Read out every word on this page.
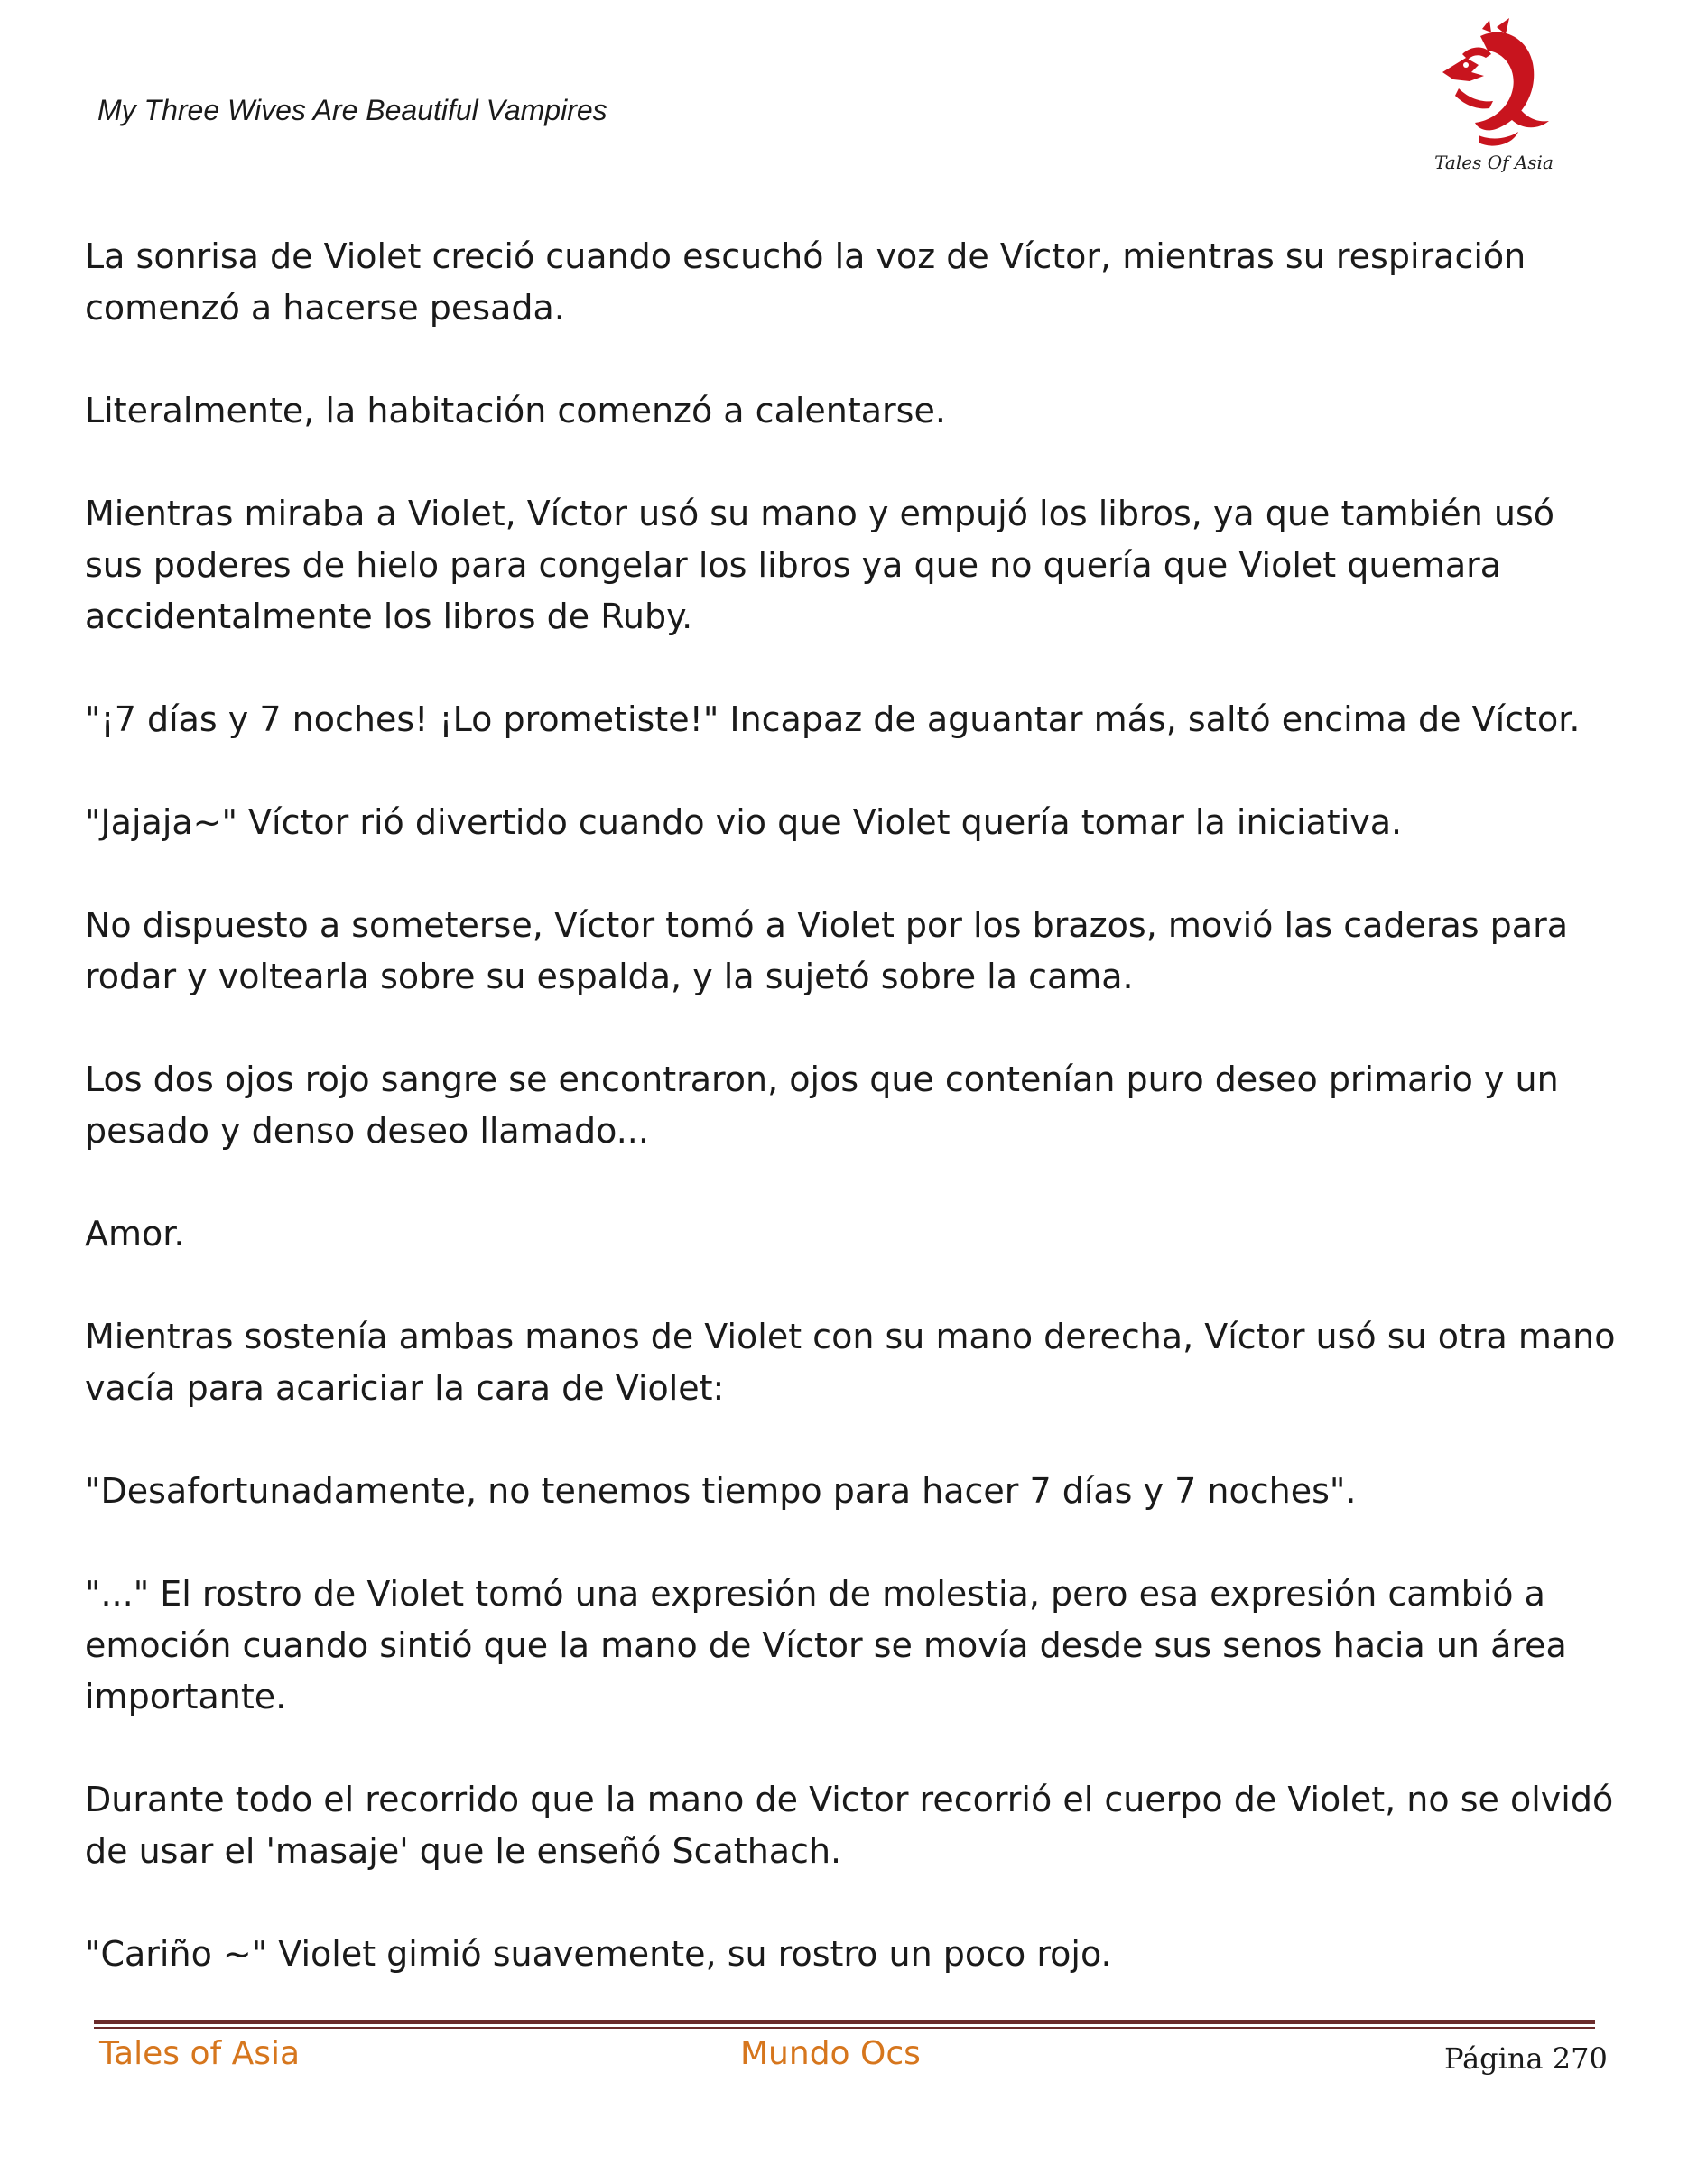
My Three Wives Are Beautiful Vampires
Tales Of Asia

La sonrisa de Violet creció cuando escuchó la voz de Víctor, mientras su respiración comenzó a hacerse pesada.

Literalmente, la habitación comenzó a calentarse.

Mientras miraba a Violet, Víctor usó su mano y empujó los libros, ya que también usó sus poderes de hielo para congelar los libros ya que no quería que Violet quemara accidentalmente los libros de Ruby.

"¡7 días y 7 noches! ¡Lo prometiste!" Incapaz de aguantar más, saltó encima de Víctor.

"Jajaja~" Víctor rió divertido cuando vio que Violet quería tomar la iniciativa.

No dispuesto a someterse, Víctor tomó a Violet por los brazos, movió las caderas para rodar y voltearla sobre su espalda, y la sujetó sobre la cama.

Los dos ojos rojo sangre se encontraron, ojos que contenían puro deseo primario y un pesado y denso deseo llamado...

Amor.

Mientras sostenía ambas manos de Violet con su mano derecha, Víctor usó su otra mano vacía para acariciar la cara de Violet:

"Desafortunadamente, no tenemos tiempo para hacer 7 días y 7 noches".

"..." El rostro de Violet tomó una expresión de molestia, pero esa expresión cambió a emoción cuando sintió que la mano de Víctor se movía desde sus senos hacia un área importante.

Durante todo el recorrido que la mano de Victor recorrió el cuerpo de Violet, no se olvidó de usar el 'masaje' que le enseñó Scathach.

"Cariño ~" Violet gimió suavemente, su rostro un poco rojo.

Tales of Asia	Mundo Ocs	Página 270
